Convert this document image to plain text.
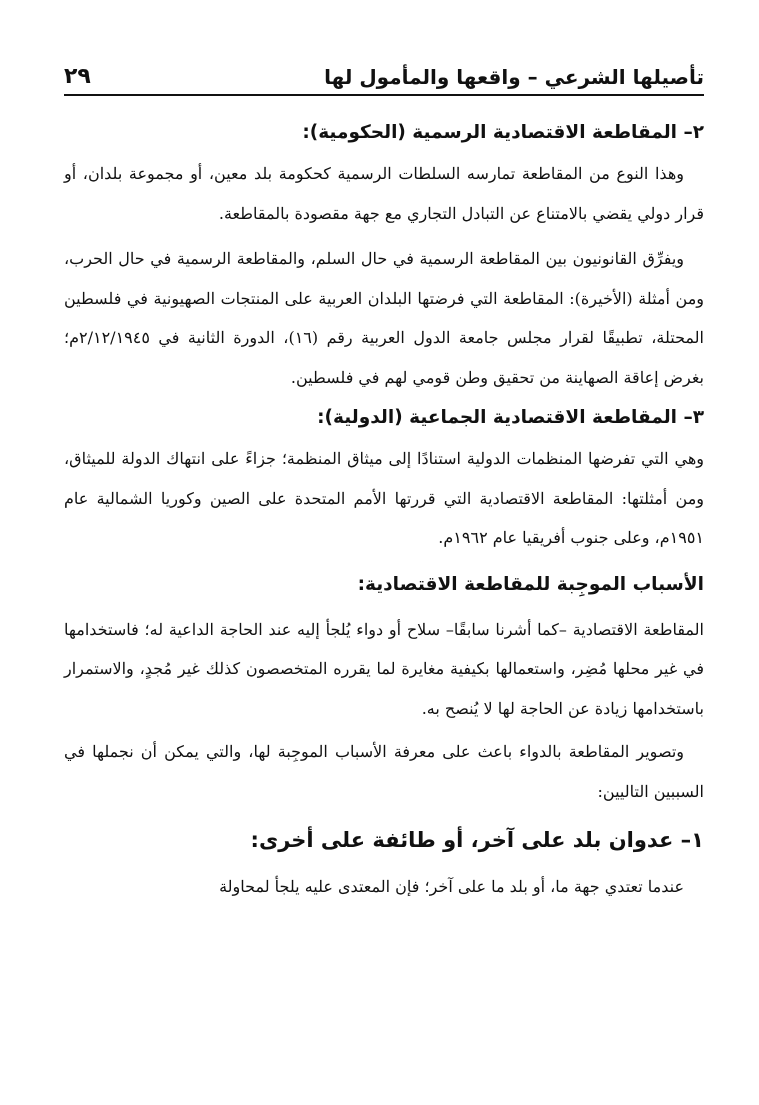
تأصيلها الشرعي – واقعها والمأمول لها
٢٩
٢– المقاطعة الاقتصادية الرسمية (الحكومية):

وهذا النوع من المقاطعة تمارسه السلطات الرسمية كحكومة بلد معين، أو مجموعة بلدان، أو قرار دولي يقضي بالامتناع عن التبادل التجاري مع جهة مقصودة بالمقاطعة.

ويفرِّق القانونيون بين المقاطعة الرسمية في حال السلم، والمقاطعة الرسمية في حال الحرب، ومن أمثلة (الأخيرة): المقاطعة التي فرضتها البلدان العربية على المنتجات الصهيونية في فلسطين المحتلة، تطبيقًا لقرار مجلس جامعة الدول العربية رقم (١٦)، الدورة الثانية في ٢/١٢/١٩٤٥م؛ بغرض إعاقة الصهاينة من تحقيق وطن قومي لهم في فلسطين.

٣– المقاطعة الاقتصادية الجماعية (الدولية):

وهي التي تفرضها المنظمات الدولية استنادًا إلى ميثاق المنظمة؛ جزاءً على انتهاك الدولة للميثاق، ومن أمثلتها: المقاطعة الاقتصادية التي قررتها الأمم المتحدة على الصين وكوريا الشمالية عام ١٩٥١م، وعلى جنوب أفريقيا عام ١٩٦٢م.

الأسباب الموجِبة للمقاطعة الاقتصادية:

المقاطعة الاقتصادية –كما أشرنا سابقًا– سلاح أو دواء يُلجأ إليه عند الحاجة الداعية له؛ فاستخدامها في غير محلها مُضِر، واستعمالها بكيفية مغايرة لما يقرره المتخصصون كذلك غير مُجدٍ، والاستمرار باستخدامها زيادة عن الحاجة لها لا يُنصح به.

وتصوير المقاطعة بالدواء باعث على معرفة الأسباب الموجِبة لها، والتي يمكن أن نجملها في السببين التاليين:

١– عدوان بلد على آخر، أو طائفة على أخرى:

عندما تعتدي جهة ما، أو بلد ما على آخر؛ فإن المعتدى عليه يلجأ لمحاولة
